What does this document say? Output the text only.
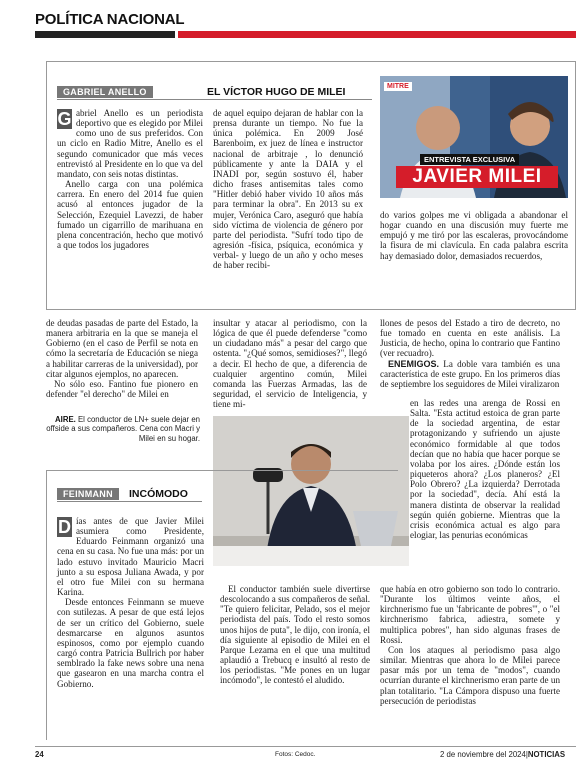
POLÍTICA NACIONAL
GABRIEL ANELLO	EL VÍCTOR HUGO DE MILEI
G abriel Anello es un periodista deportivo que es elegido por Milei como uno de sus preferidos. Con un ciclo en Radio Mitre, Anello es el segundo comunicador que más veces entrevistó al Presidente en lo que va del mandato, con seis notas distintas.

Anello carga con una polémica carrera. En enero del 2014 fue quien acusó al entonces jugador de la Selección, Ezequiel Lavezzi, de haber fumado un cigarrillo de marihuana en plena concentración, hecho que motivó a que todos los jugadores

de aquel equipo dejaran de hablar con la prensa durante un tiempo. No fue la única polémica. En 2009 José Barenboim, ex juez de línea e instructor nacional de arbitraje , lo denunció públicamente y ante la DAIA y el INADI por, según sostuvo él, haber dicho frases antisemitas tales como "Hitler debió haber vivido 10 años más para terminar la obra". En 2013 su ex mujer, Verónica Caro, aseguró que había sido víctima de violencia de género por parte del periodista. "Sufrí todo tipo de agresión -física, psíquica, económica y verbal- y luego de un año y ocho meses de haber recibi-

MITRE
ENTREVISTA EXCLUSIVA
JAVIER MILEI

do varios golpes me vi obligada a abandonar el hogar cuando en una discusión muy fuerte me empujó y me tiró por las escaleras, provocándome la fisura de mi clavícula. En cada palabra escrita hay demasiado dolor, demasiados recuerdos,

de deudas pasadas de parte del Estado, la manera arbitraria en la que se maneja el Gobierno (en el caso de Perfil se nota en cómo la secretaría de Educación se niega a habilitar carreras de la universidad), por citar algunos ejemplos, no aparecen.

No sólo eso. Fantino fue pionero en defender "el derecho" de Milei en

insultar y atacar al periodismo, con la lógica de que él puede defenderse "como un ciudadano más" a pesar del cargo que ostenta. "¿Qué somos, semidioses?", llegó a decir. El hecho de que, a diferencia de cualquier argentino común, Milei comanda las Fuerzas Armadas, las de seguridad, el servicio de Inteligencia, y tiene mi-

llones de pesos del Estado a tiro de decreto, no fue tomado en cuenta en este análisis. La Justicia, de hecho, opina lo contrario que Fantino (ver recuadro).

ENEMIGOS. La doble vara también es una característica de este grupo. En los primeros días de septiembre los seguidores de Milei viralizaron

en las redes una arenga de Rossi en Salta. "Esta actitud estoica de gran parte de la sociedad argentina, de estar protagonizando y sufriendo un ajuste económico formidable al que todos decían que no había que hacer porque se volaba por los aires. ¿Dónde están los piqueteros ahora? ¿Los planeros? ¿El Polo Obrero? ¿La izquierda? Derrotada por la sociedad", decía. Ahí está la manera distinta de observar la realidad según quién gobierne. Mientras que la crisis económica actual es algo para elogiar, las penurias económicas

AIRE. El conductor de LN+ suele dejar en offside a sus compañeros. Cena con Macri y Milei en su hogar.
FEINMANN	INCÓMODO
D ías antes de que Javier Milei asumiera como Presidente, Eduardo Feinmann organizó una cena en su casa. No fue una más: por un lado estuvo invitado Mauricio Macri junto a su esposa Juliana Awada, y por el otro fue Milei con su hermana Karina.

Desde entonces Feinmann se mueve con sutilezas. A pesar de que está lejos de ser un crítico del Gobierno, suele desmarcarse en algunos asuntos espinosos, como por ejemplo cuando cargó contra Patricia Bullrich por haber semblrado la fake news sobre una nena que gasearon en una marcha contra el Gobierno.

El conductor también suele divertirse descolocando a sus compañeros de señal. "Te quiero felicitar, Pelado, sos el mejor periodista del país. Todo el resto somos unos hijos de puta", le dijo, con ironía, el día siguiente al episodio de Milei en el Parque Lezama en el que una multitud aplaudió a Trebucq e insultó al resto de los periodistas. "Me pones en un lugar incómodo", le contestó el aludido.

que había en otro gobierno son todo lo contrario. "Durante los últimos veinte años, el kirchnerismo fue un 'fabricante de pobres'", o "el kirchnerismo fabrica, adiestra, somete y multiplica pobres", han sido algunas frases de Rossi.

Con los ataques al periodismo pasa algo similar. Mientras que ahora lo de Milei parece pasar más por un tema de "modos", cuando ocurrían durante el kirchnerismo eran parte de un plan totalitario. "La Cámpora dispuso una fuerte persecución de periodistas

24	Fotos: Cedoc.	2 de noviembre del 2024|NOTICIAS
